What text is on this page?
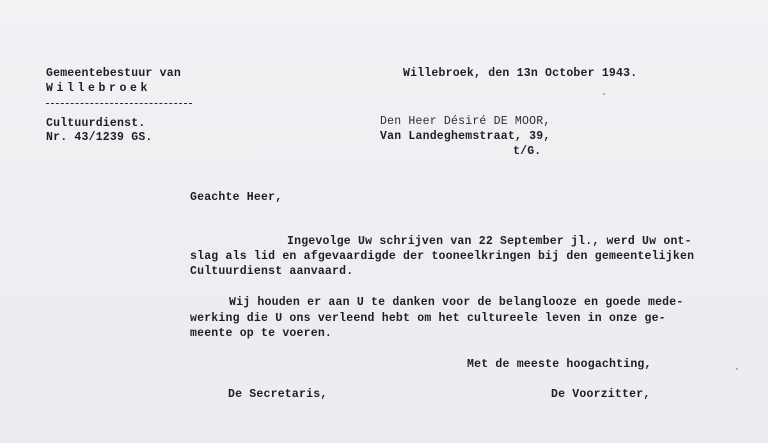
Gemeentebestuur van
Willebroek
Cultuurdienst.
Nr. 43/1239 GS.
Willebroek, den 13n October 1943.
Den Heer Désiré DE MOOR,
Van Landeghemstraat, 39,
t/G.
Geachte Heer,
Ingevolge Uw schrijven van 22 September jl., werd Uw ont-
slag als lid en afgevaardigde der tooneelkringen bij den gemeentelijken
Cultuurdienst aanvaard.
Wij houden er aan U te danken voor de belanglooze en goede mede-
werking die U ons verleend hebt om het cultureele leven in onze ge-
meente op te voeren.
Met de meeste hoogachting,
De Secretaris,	De Voorzitter,
